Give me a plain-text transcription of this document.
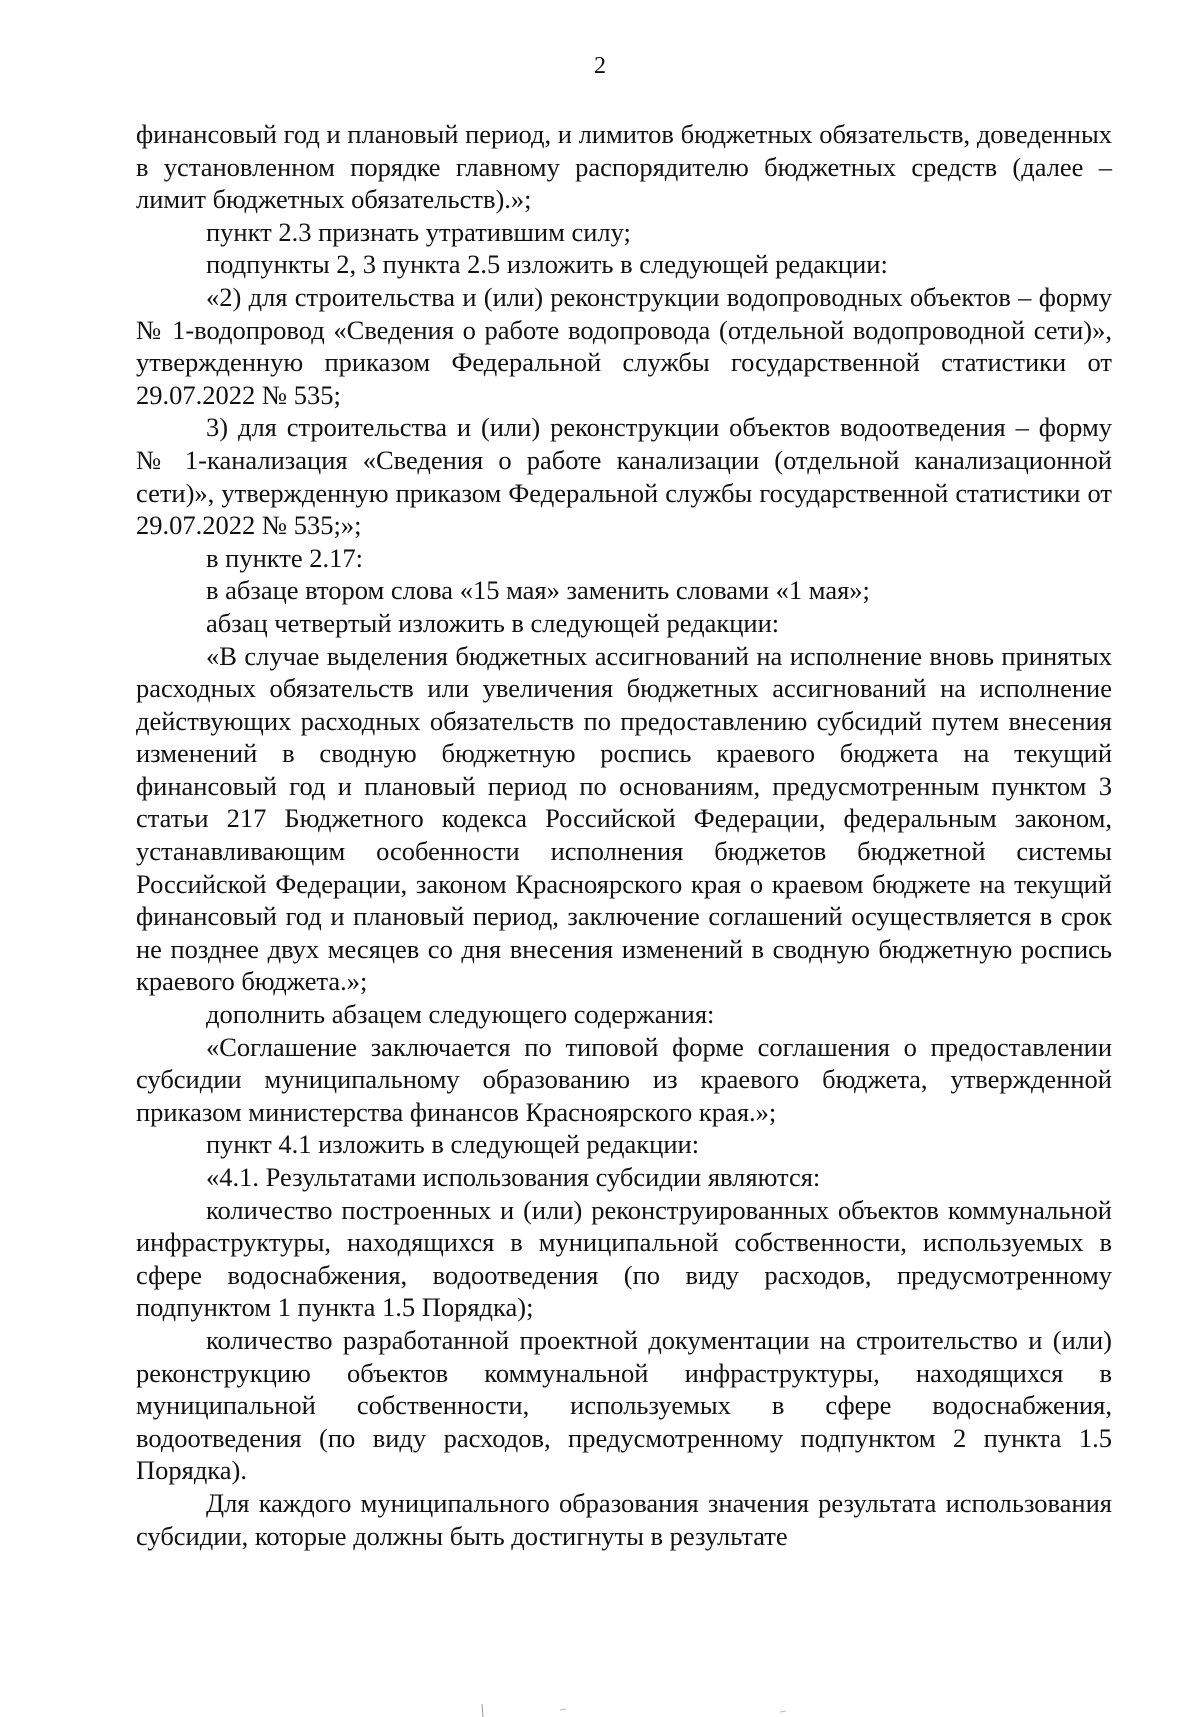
2

финансовый год и плановый период, и лимитов бюджетных обязательств, доведенных в установленном порядке главному распорядителю бюджетных средств (далее – лимит бюджетных обязательств).»;

пункт 2.3 признать утратившим силу;

подпункты 2, 3 пункта 2.5 изложить в следующей редакции:

«2) для строительства и (или) реконструкции водопроводных объектов – форму № 1-водопровод «Сведения о работе водопровода (отдельной водопроводной сети)», утвержденную приказом Федеральной службы государственной статистики от 29.07.2022 № 535;

3) для строительства и (или) реконструкции объектов водоотведения – форму № 1-канализация «Сведения о работе канализации (отдельной канализационной сети)», утвержденную приказом Федеральной службы государственной статистики от 29.07.2022 № 535;»;

в пункте 2.17:

в абзаце втором слова «15 мая» заменить словами «1 мая»;

абзац четвертый изложить в следующей редакции:

«В случае выделения бюджетных ассигнований на исполнение вновь принятых расходных обязательств или увеличения бюджетных ассигнований на исполнение действующих расходных обязательств по предоставлению субсидий путем внесения изменений в сводную бюджетную роспись краевого бюджета на текущий финансовый год и плановый период по основаниям, предусмотренным пунктом 3 статьи 217 Бюджетного кодекса Российской Федерации, федеральным законом, устанавливающим особенности исполнения бюджетов бюджетной системы Российской Федерации, законом Красноярского края о краевом бюджете на текущий финансовый год и плановый период, заключение соглашений осуществляется в срок не позднее двух месяцев со дня внесения изменений в сводную бюджетную роспись краевого бюджета.»;

дополнить абзацем следующего содержания:

«Соглашение заключается по типовой форме соглашения о предоставлении субсидии муниципальному образованию из краевого бюджета, утвержденной приказом министерства финансов Красноярского края.»;

пункт 4.1 изложить в следующей редакции:

«4.1. Результатами использования субсидии являются:

количество построенных и (или) реконструированных объектов коммунальной инфраструктуры, находящихся в муниципальной собственности, используемых в сфере водоснабжения, водоотведения (по виду расходов, предусмотренному подпунктом 1 пункта 1.5 Порядка);

количество разработанной проектной документации на строительство и (или) реконструкцию объектов коммунальной инфраструктуры, находящихся в муниципальной собственности, используемых в сфере водоснабжения, водоотведения (по виду расходов, предусмотренному подпунктом 2 пункта 1.5 Порядка).

Для каждого муниципального образования значения результата использования субсидии, которые должны быть достигнуты в результате
